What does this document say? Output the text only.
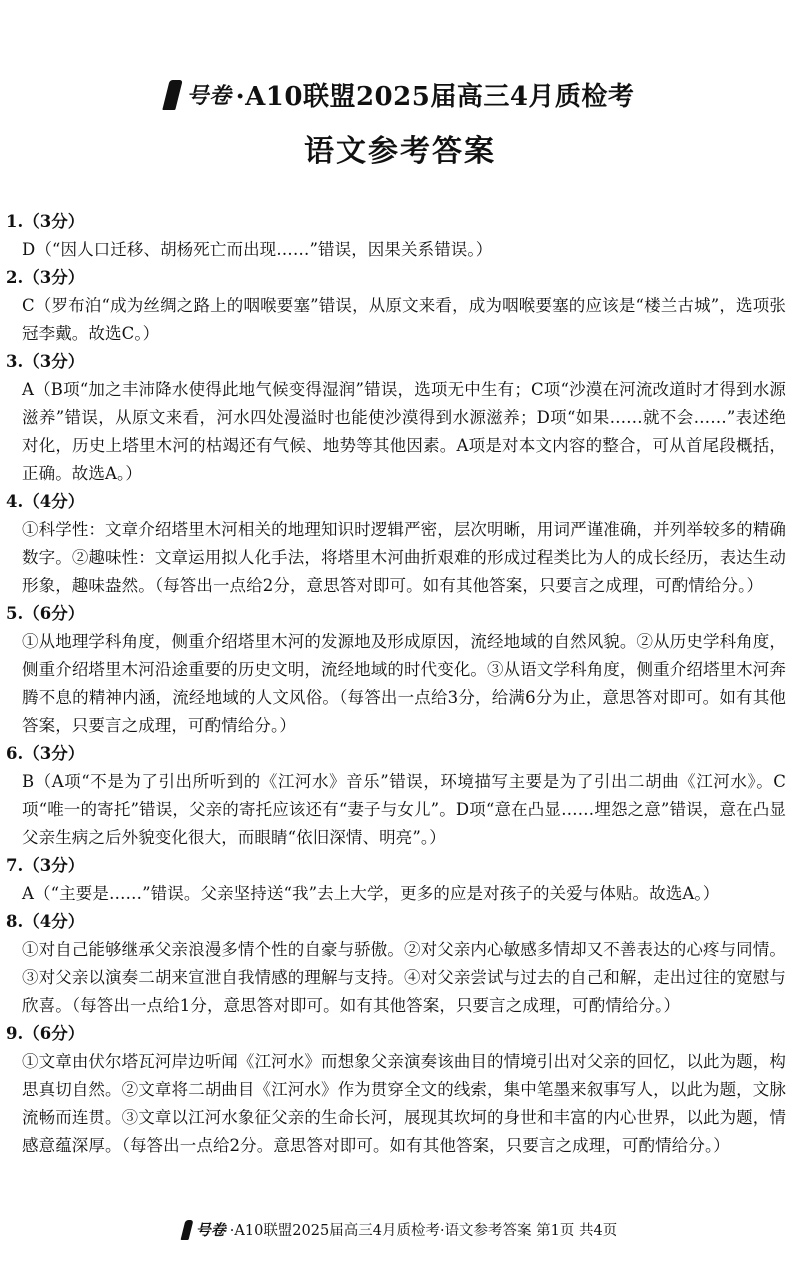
号卷 ·A10联盟2025届高三4月质检考
语文参考答案
1.（3分）
D（“因人口迁移、胡杨死亡而出现……”错误，因果关系错误。）
2.（3分）
C（罗布泊“成为丝绸之路上的咽喉要塞”错误，从原文来看，成为咽喉要塞的应该是“楼兰古城”，选项张冠李戴。故选C。）
3.（3分）
A（B项“加之丰沛降水使得此地气候变得湿润”错误，选项无中生有；C项“沙漠在河流改道时才得到水源滋养”错误，从原文来看，河水四处漫溢时也能使沙漠得到水源滋养；D项“如果……就不会……”表述绝对化，历史上塔里木河的枯竭还有气候、地势等其他因素。A项是对本文内容的整合，可从首尾段概括，正确。故选A。）
4.（4分）
①科学性：文章介绍塔里木河相关的地理知识时逻辑严密，层次明晰，用词严谨准确，并列举较多的精确数字。②趣味性：文章运用拟人化手法，将塔里木河曲折艰难的形成过程类比为人的成长经历，表达生动形象，趣味盎然。（每答出一点给2分，意思答对即可。如有其他答案，只要言之成理，可酌情给分。）
5.（6分）
①从地理学科角度，侧重介绍塔里木河的发源地及形成原因，流经地域的自然风貌。②从历史学科角度，侧重介绍塔里木河沿途重要的历史文明，流经地域的时代变化。③从语文学科角度，侧重介绍塔里木河奔腾不息的精神内涵，流经地域的人文风俗。（每答出一点给3分，给满6分为止，意思答对即可。如有其他答案，只要言之成理，可酌情给分。）
6.（3分）
B（A项“不是为了引出所听到的《江河水》音乐”错误，环境描写主要是为了引出二胡曲《江河水》。C项“唯一的寄托”错误，父亲的寄托应该还有“妻子与女儿”。D项“意在凸显……埋怨之意”错误，意在凸显父亲生病之后外貌变化很大，而眼睛“依旧深情、明亮”。）
7.（3分）
A（“主要是……”错误。父亲坚持送“我”去上大学，更多的应是对孩子的关爱与体贴。故选A。）
8.（4分）
①对自己能够继承父亲浪漫多情个性的自豪与骄傲。②对父亲内心敏感多情却又不善表达的心疼与同情。③对父亲以演奏二胡来宣泄自我情感的理解与支持。④对父亲尝试与过去的自己和解，走出过往的宽慰与欣喜。（每答出一点给1分，意思答对即可。如有其他答案，只要言之成理，可酌情给分。）
9.（6分）
①文章由伏尔塔瓦河岸边听闻《江河水》而想象父亲演奏该曲目的情境引出对父亲的回忆，以此为题，构思真切自然。②文章将二胡曲目《江河水》作为贯穿全文的线索，集中笔墨来叙事写人，以此为题，文脉流畅而连贯。③文章以江河水象征父亲的生命长河，展现其坎坷的身世和丰富的内心世界，以此为题，情感意蕴深厚。（每答出一点给2分。意思答对即可。如有其他答案，只要言之成理，可酌情给分。）
号卷 ·A10联盟2025届高三4月质检考·语文参考答案 第1页 共4页
